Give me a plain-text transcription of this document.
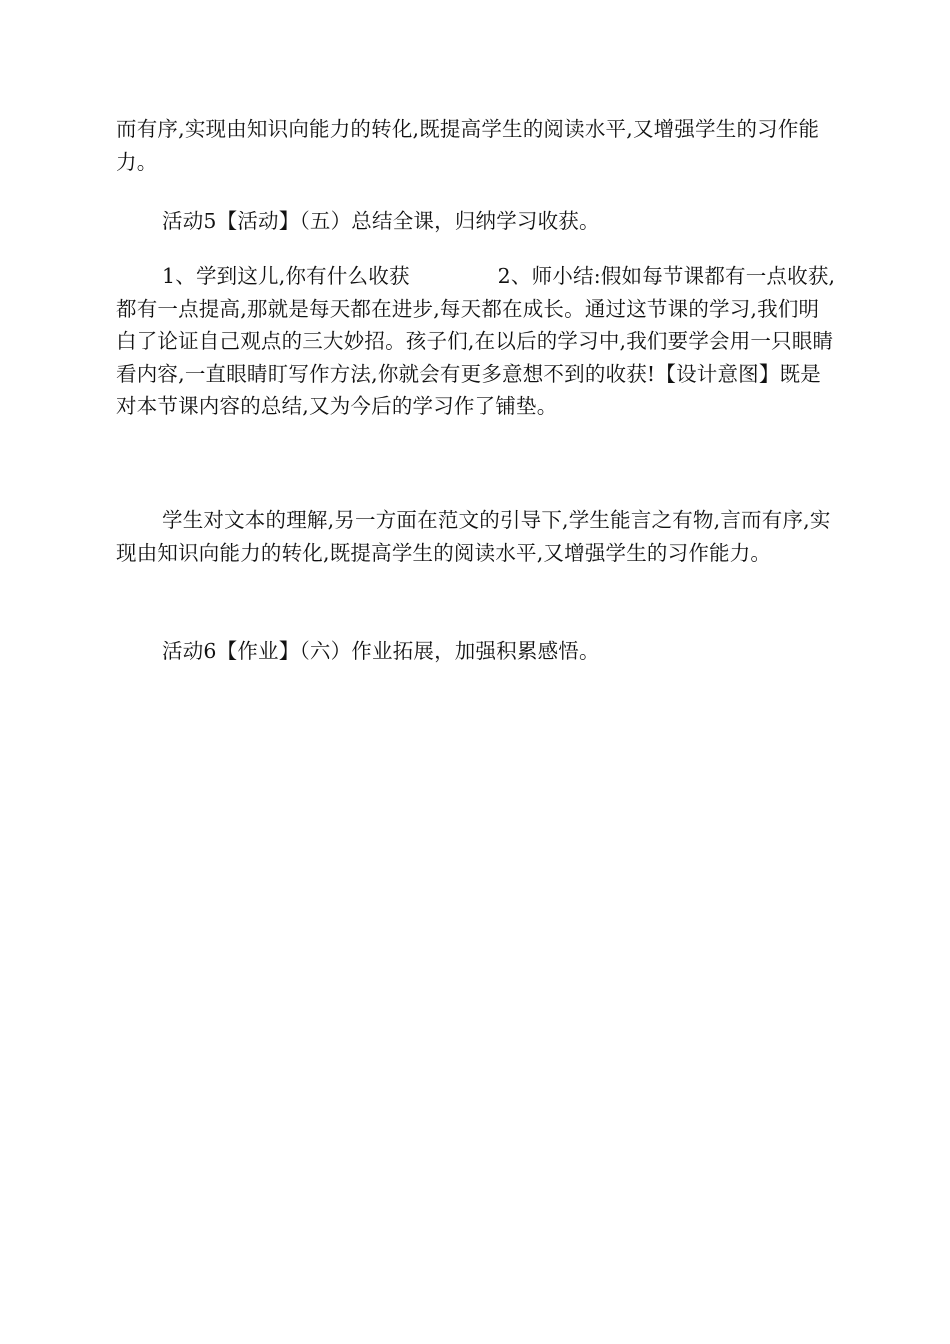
而有序,实现由知识向能力的转化,既提高学生的阅读水平,又增强学生的习作能力。

活动5【活动】（五）总结全课，归纳学习收获。

1、学到这儿,你有什么收获	2、师小结:假如每节课都有一点收获,都有一点提高,那就是每天都在进步,每天都在成长。通过这节课的学习,我们明白了论证自己观点的三大妙招。孩子们,在以后的学习中,我们要学会用一只眼睛看内容,一直眼睛盯写作方法,你就会有更多意想不到的收获!【设计意图】既是对本节课内容的总结,又为今后的学习作了铺垫。

学生对文本的理解,另一方面在范文的引导下,学生能言之有物,言而有序,实现由知识向能力的转化,既提高学生的阅读水平,又增强学生的习作能力。

活动6【作业】（六）作业拓展，加强积累感悟。
